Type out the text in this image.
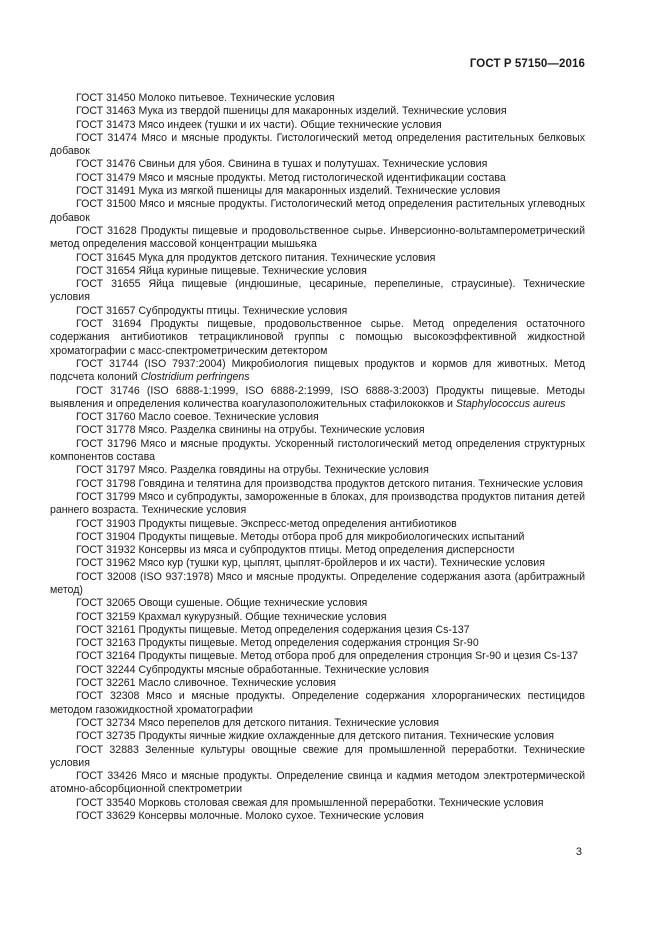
ГОСТ Р 57150—2016

ГОСТ 31450 Молоко питьевое. Технические условия

ГОСТ 31463 Мука из твердой пшеницы для макаронных изделий. Технические условия

ГОСТ 31473 Мясо индеек (тушки и их части). Общие технические условия

ГОСТ 31474 Мясо и мясные продукты. Гистологический метод определения растительных белковых добавок

ГОСТ 31476 Свиньи для убоя. Свинина в тушах и полутушах. Технические условия

ГОСТ 31479 Мясо и мясные продукты. Метод гистологической идентификации состава

ГОСТ 31491 Мука из мягкой пшеницы для макаронных изделий. Технические условия

ГОСТ 31500 Мясо и мясные продукты. Гистологический метод определения растительных углеводных добавок

ГОСТ 31628 Продукты пищевые и продовольственное сырье. Инверсионно-вольтамперометрический метод определения массовой концентрации мышьяка

ГОСТ 31645 Мука для продуктов детского питания. Технические условия

ГОСТ 31654 Яйца куриные пищевые. Технические условия

ГОСТ 31655 Яйца пищевые (индюшиные, цесариные, перепелиные, страусиные). Технические условия

ГОСТ 31657 Субпродукты птицы. Технические условия

ГОСТ 31694 Продукты пищевые, продовольственное сырье. Метод определения остаточного содержания антибиотиков тетрациклиновой группы с помощью высокоэффективной жидкостной хроматографии с масс-спектрометрическим детектором

ГОСТ 31744 (ISO 7937:2004) Микробиология пищевых продуктов и кормов для животных. Метод подсчета колоний Clostridium perfringens

ГОСТ 31746 (ISO 6888-1:1999, ISO 6888-2:1999, ISO 6888-3:2003) Продукты пищевые. Методы выявления и определения количества коагулазоположительных стафилококков и Staphylococcus aureus

ГОСТ 31760 Масло соевое. Технические условия

ГОСТ 31778 Мясо. Разделка свинины на отрубы. Технические условия

ГОСТ 31796 Мясо и мясные продукты. Ускоренный гистологический метод определения структурных компонентов состава

ГОСТ 31797 Мясо. Разделка говядины на отрубы. Технические условия

ГОСТ 31798 Говядина и телятина для производства продуктов детского питания. Технические условия

ГОСТ 31799 Мясо и субпродукты, замороженные в блоках, для производства продуктов питания детей раннего возраста. Технические условия

ГОСТ 31903 Продукты пищевые. Экспресс-метод определения антибиотиков

ГОСТ 31904 Продукты пищевые. Методы отбора проб для микробиологических испытаний

ГОСТ 31932 Консервы из мяса и субпродуктов птицы. Метод определения дисперсности

ГОСТ 31962 Мясо кур (тушки кур, цыплят, цыплят-бройлеров и их части). Технические условия

ГОСТ 32008 (ISO 937:1978) Мясо и мясные продукты. Определение содержания азота (арбитражный метод)

ГОСТ 32065 Овощи сушеные. Общие технические условия

ГОСТ 32159 Крахмал кукурузный. Общие технические условия

ГОСТ 32161 Продукты пищевые. Метод определения содержания цезия Cs-137

ГОСТ 32163 Продукты пищевые. Метод определения содержания стронция Sr-90

ГОСТ 32164 Продукты пищевые. Метод отбора проб для определения стронция Sr-90 и цезия Cs-137

ГОСТ 32244 Субпродукты мясные обработанные. Технические условия

ГОСТ 32261 Масло сливочное. Технические условия

ГОСТ 32308 Мясо и мясные продукты. Определение содержания хлорорганических пестицидов методом газожидкостной хроматографии

ГОСТ 32734 Мясо перепелов для детского питания. Технические условия

ГОСТ 32735 Продукты яичные жидкие охлажденные для детского питания. Технические условия

ГОСТ 32883 Зеленные культуры овощные свежие для промышленной переработки. Технические условия

ГОСТ 33426 Мясо и мясные продукты. Определение свинца и кадмия методом электротермической атомно-абсорбционной спектрометрии

ГОСТ 33540 Морковь столовая свежая для промышленной переработки. Технические условия

ГОСТ 33629 Консервы молочные. Молоко сухое. Технические условия

3
